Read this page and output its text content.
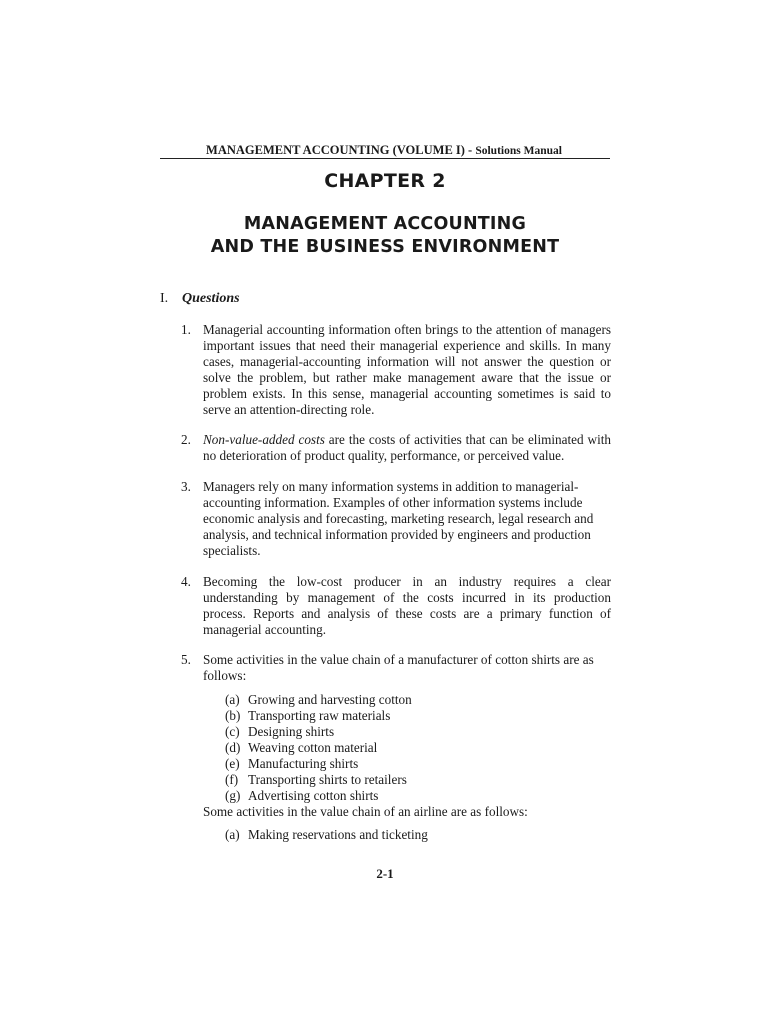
MANAGEMENT ACCOUNTING (VOLUME I) - Solutions Manual
CHAPTER 2
MANAGEMENT ACCOUNTING
AND THE BUSINESS ENVIRONMENT
I. Questions
1. Managerial accounting information often brings to the attention of managers important issues that need their managerial experience and skills. In many cases, managerial-accounting information will not answer the question or solve the problem, but rather make management aware that the issue or problem exists. In this sense, managerial accounting sometimes is said to serve an attention-directing role.
2. Non-value-added costs are the costs of activities that can be eliminated with no deterioration of product quality, performance, or perceived value.
3. Managers rely on many information systems in addition to managerial-accounting information. Examples of other information systems include economic analysis and forecasting, marketing research, legal research and analysis, and technical information provided by engineers and production specialists.
4. Becoming the low-cost producer in an industry requires a clear understanding by management of the costs incurred in its production process. Reports and analysis of these costs are a primary function of managerial accounting.
5. Some activities in the value chain of a manufacturer of cotton shirts are as follows:
(a) Growing and harvesting cotton
(b) Transporting raw materials
(c) Designing shirts
(d) Weaving cotton material
(e) Manufacturing shirts
(f) Transporting shirts to retailers
(g) Advertising cotton shirts
Some activities in the value chain of an airline are as follows:
(a) Making reservations and ticketing
2-1
